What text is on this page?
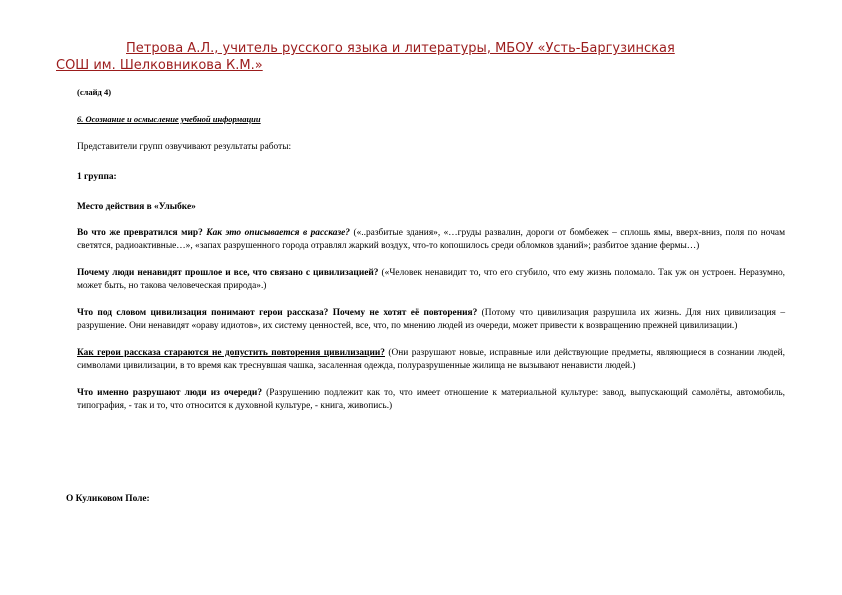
Петрова А.Л., учитель русского языка и литературы, МБОУ «Усть-Баргузинская
СОШ им. Шелковникова К.М.»

(слайд 4)

6. Осознание и осмысление учебной информации

Представители групп озвучивают результаты работы:

1 группа:

Место действия в «Улыбке»

Во что же превратился мир? Как это описывается в рассказе? («..разбитые здания», «…груды развалин, дороги от бомбежек – сплошь ямы, вверх-вниз, поля по ночам светятся, радиоактивные…», «запах разрушенного города отравлял жаркий воздух, что-то копошилось среди обломков зданий»; разбитое здание фермы…)

Почему люди ненавидят прошлое и все, что связано с цивилизацией? («Человек ненавидит то, что его сгубило, что ему жизнь поломало. Так уж он устроен. Неразумно, может быть, но такова человеческая природа».)

Что под словом цивилизация понимают герои рассказа? Почему не хотят её повторения? (Потому что цивилизация разрушила их жизнь. Для них цивилизация – разрушение. Они ненавидят «ораву идиотов», их систему ценностей, все, что, по мнению людей из очереди, может привести к возвращению прежней цивилизации.)

Как герои рассказа стараются не допустить повторения цивилизации? (Они разрушают новые, исправные или действующие предметы, являющиеся в сознании людей, символами цивилизации, в то время как треснувшая чашка, засаленная одежда, полуразрушенные жилища не вызывают ненависти людей.)

Что именно разрушают люди из очереди? (Разрушению подлежит как то, что имеет отношение к материальной культуре: завод, выпускающий самолёты, автомобиль, типография, - так и то, что относится к духовной культуре, - книга, живопись.)

О Куликовом Поле:
